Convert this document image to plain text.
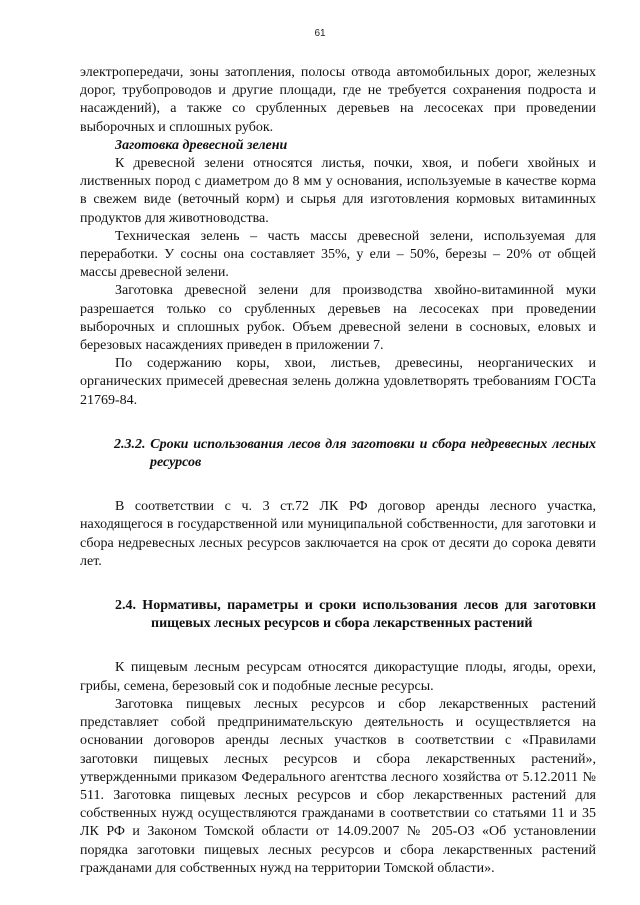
61

электропередачи, зоны затопления, полосы отвода автомобильных дорог, железных дорог, трубопроводов и другие площади, где не требуется сохранения подроста и насаждений), а также со срубленных деревьев на лесосеках при проведении выборочных и сплошных рубок.

Заготовка древесной зелени

К древесной зелени относятся листья, почки, хвоя, и побеги хвойных и лиственных пород с диаметром до 8 мм у основания, используемые в качестве корма в свежем виде (веточный корм) и сырья для изготовления кормовых витаминных продуктов для животноводства.

Техническая зелень – часть массы древесной зелени, используемая для переработки. У сосны она составляет 35%, у ели – 50%, березы – 20% от общей массы древесной зелени.

Заготовка древесной зелени для производства хвойно-витаминной муки разрешается только со срубленных деревьев на лесосеках при проведении выборочных и сплошных рубок. Объем древесной зелени в сосновых, еловых и березовых насаждениях приведен в приложении 7.

По содержанию коры, хвои, листьев, древесины, неорганических и органических примесей древесная зелень должна удовлетворять требованиям ГОСТа 21769-84.

2.3.2. Сроки использования лесов для заготовки и сбора недревесных лесных ресурсов

В соответствии с ч. 3 ст.72 ЛК РФ договор аренды лесного участка, находящегося в государственной или муниципальной собственности, для заготовки и сбора недревесных лесных ресурсов заключается на срок от десяти до сорока девяти лет.

2.4. Нормативы, параметры и сроки использования лесов для заготовки пищевых лесных ресурсов и сбора лекарственных растений

К пищевым лесным ресурсам относятся дикорастущие плоды, ягоды, орехи, грибы, семена, березовый сок и подобные лесные ресурсы.

Заготовка пищевых лесных ресурсов и сбор лекарственных растений представляет собой предпринимательскую деятельность и осуществляется на основании договоров аренды лесных участков в соответствии с «Правилами заготовки пищевых лесных ресурсов и сбора лекарственных растений», утвержденными приказом Федерального агентства лесного хозяйства от 5.12.2011 № 511. Заготовка пищевых лесных ресурсов и сбор лекарственных растений для собственных нужд осуществляются гражданами в соответствии со статьями 11 и 35 ЛК РФ и Законом Томской области от 14.09.2007 № 205-ОЗ «Об установлении порядка заготовки пищевых лесных ресурсов и сбора лекарственных растений гражданами для собственных нужд на территории Томской области».
